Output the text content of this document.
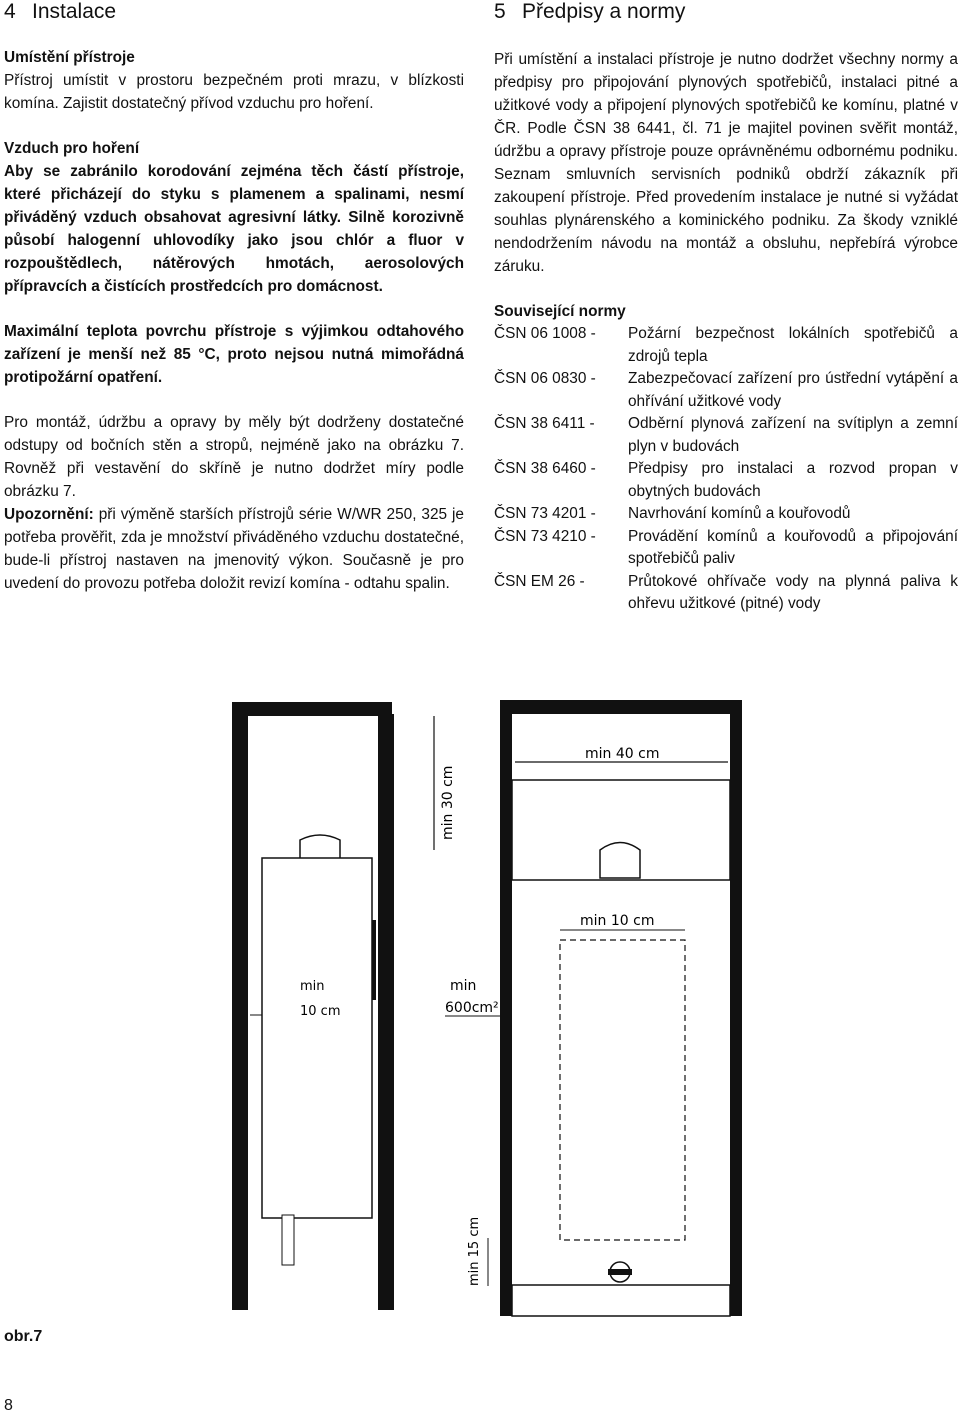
4 Instalace

Umístění přístroje

Přístroj umístit v prostoru bezpečném proti mrazu, v blízkosti komína. Zajistit dostatečný přívod vzduchu pro hoření.

Vzduch pro hoření

Aby se zabránilo korodování zejména těch částí přístroje, které přicházejí do styku s plamenem a spalinami, nesmí přiváděný vzduch obsahovat agresivní látky. Silně korozivně působí halogenní uhlovodíky jako jsou chlór a fluor v rozpouštědlech, nátěrových hmotách, aerosolových přípravcích a čistících prostředcích pro domácnost.

Maximální teplota povrchu přístroje s výjimkou odtahového zařízení je menší než 85 °C, proto nejsou nutná mimořádná protipožární opatření.

Pro montáž, údržbu a opravy by měly být dodrženy dostatečné odstupy od bočních stěn a stropů, nejméně jako na obrázku 7. Rovněž při vestavění do skříně je nutno dodržet míry podle obrázku 7.

Upozornění: při výměně starších přístrojů série W/WR 250, 325 je potřeba prověřit, zda je množství přiváděného vzduchu dostatečné, bude-li přístroj nastaven na jmenovitý výkon. Současně je pro uvedení do provozu potřeba doložit revizí komína - odtahu spalin.

5 Předpisy a normy

Při umístění a instalaci přístroje je nutno dodržet všechny normy a předpisy pro připojování plynových spotřebičů, instalaci pitné a užitkové vody a připojení plynových spotřebičů ke komínu, platné v ČR. Podle ČSN 38 6441, čl. 71 je majitel povinen svěřit montáž, údržbu a opravy přístroje pouze oprávněnému odbornému podniku. Seznam smluvních servisních podniků obdrží zákazník při zakoupení přístroje. Před provedením instalace je nutné si vyžádat souhlas plynárenského a kominického podniku. Za škody vzniklé nendodržením návodu na montáž a obsluhu, nepřebírá výrobce záruku.

Související normy

ČSN 06 1008 -	Požární bezpečnost lokálních spotřebičů a zdrojů tepla
ČSN 06 0830 -	Zabezpečovací zařízení pro ústřední vytápění a ohřívání užitkové vody
ČSN 38 6411 -	Odběrní plynová zařízení na svítiplyn a zemní plyn v budovách
ČSN 38 6460 -	Předpisy pro instalaci a rozvod propan v obytných budovách
ČSN 73 4201 -	Navrhování komínů a kouřovodů
ČSN 73 4210 -	Provádění komínů a kouřovodů a připojování spotřebičů paliv
ČSN EM 26 -	Průtokové ohřívače vody na plynná paliva k ohřevu užitkové (pitné) vody
min 30 cm
min
10 cm
min 40 cm
min 10 cm
min
600cm²
min 15 cm
obr.7
8
